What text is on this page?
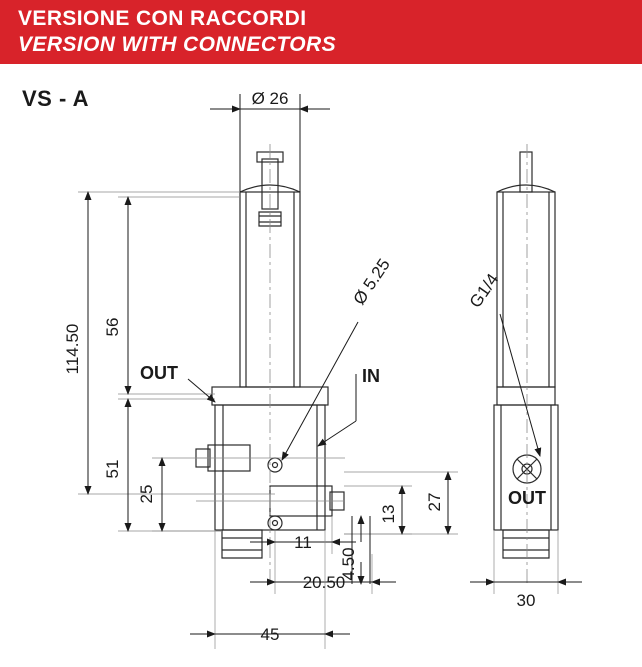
VERSIONE CON RACCORDI
VERSION WITH CONNECTORS
VS - A	Ø 26
114.50 56
51
25
OUT
Ø 5.25
IN
G1/4
OUT
27
13
4.50
11
20.50
45
30
